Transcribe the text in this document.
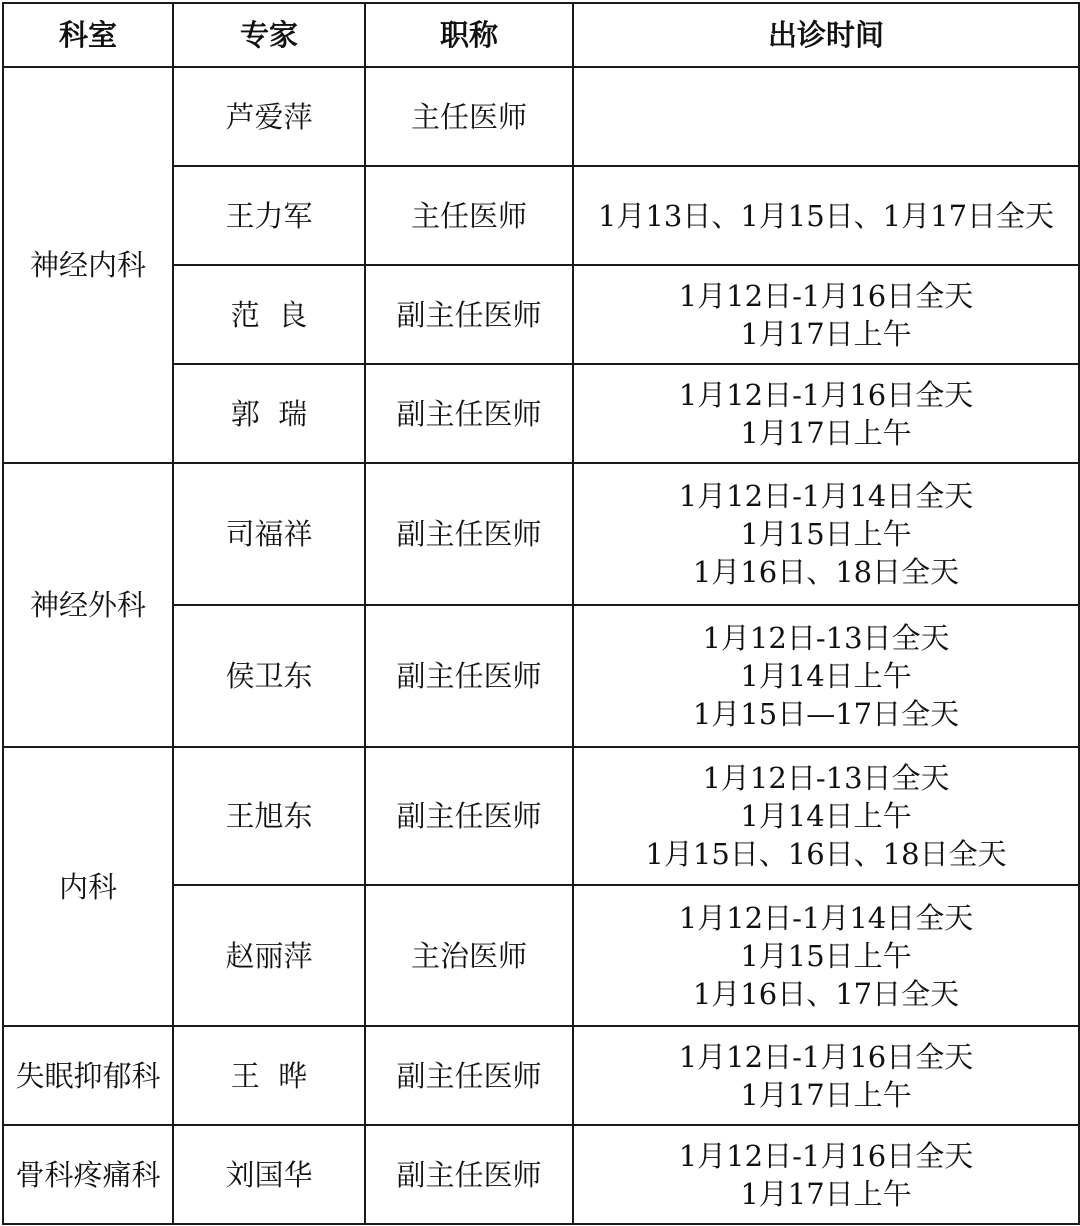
科室	专家	职称	出诊时间
神经内科	芦爱萍	主任医师	
	王力军	主任医师	1月13日、1月15日、1月17日全天

	范  良	副主任医师	1月12日-1月16日全天
1月17日上午

	郭  瑞	副主任医师	1月12日-1月16日全天
1月17日上午

神经外科	司福祥	副主任医师	1月12日-1月14日全天
1月15日上午
1月16日、18日全天

	侯卫东	副主任医师	1月12日-13日全天
1月14日上午
1月15日—17日全天

内科	王旭东	副主任医师	1月12日-13日全天
1月14日上午
1月15日、16日、18日全天

	赵丽萍	主治医师	1月12日-1月14日全天
1月15日上午
1月16日、17日全天

失眠抑郁科	王  晔	副主任医师	1月12日-1月16日全天
1月17日上午

骨科疼痛科	刘国华	副主任医师	1月12日-1月16日全天
1月17日上午
